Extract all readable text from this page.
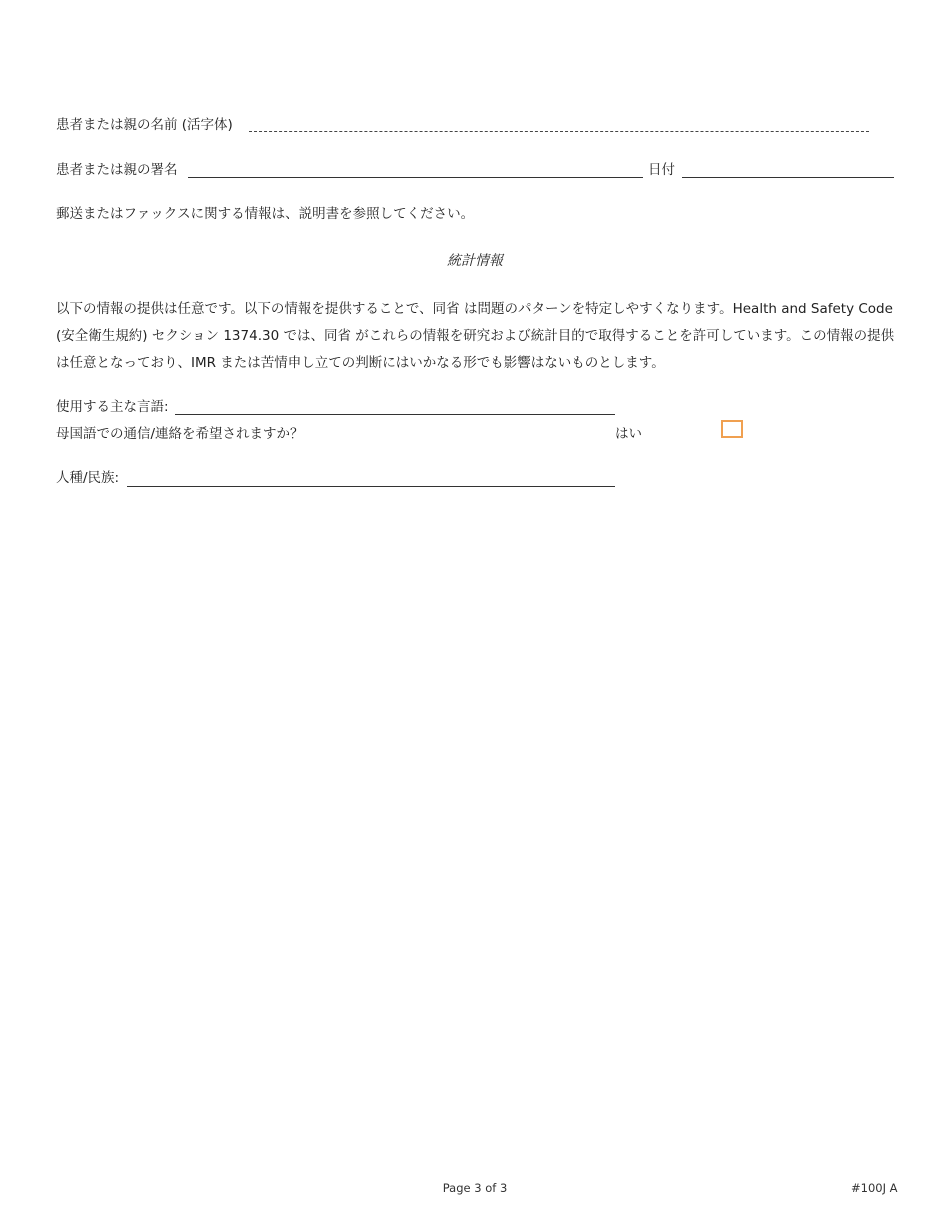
患者または親の名前 (活字体)
患者または親の署名	日付
郵送またはファックスに関する情報は、説明書を参照してください。
統計情報
以下の情報の提供は任意です。以下の情報を提供することで、同省 は問題のパターンを特定しやすくなります。Health and Safety Code (安全衛生規約) セクション 1374.30 では、同省 がこれらの情報を研究および統計目的で取得することを許可しています。この情報の提供は任意となっており、IMR または苦情申し立ての判断にはいかなる形でも影響はないものとします。
使用する主な言語:
母国語での通信/連絡を希望されますか？	はい
人種/民族:
Page 3 of 3	#100J A
